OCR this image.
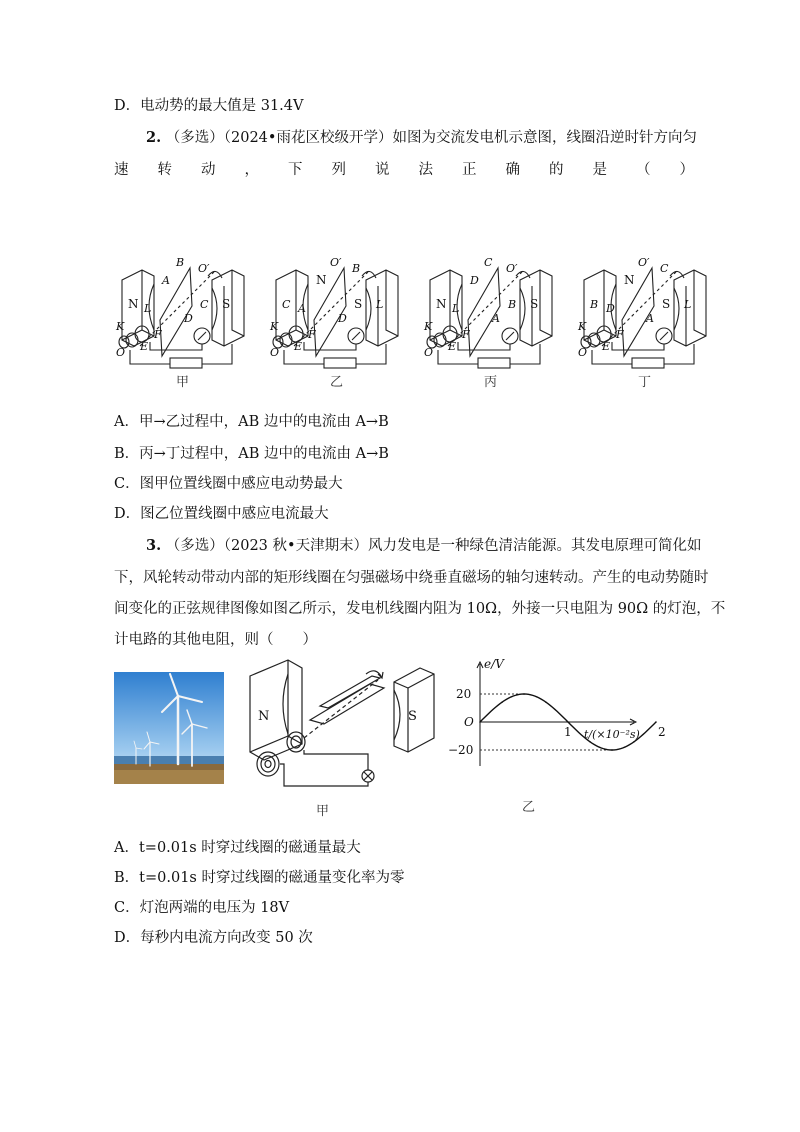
D．电动势的最大值是 31.4V
2. （多选）（2024•雨花区校级开学）如图为交流发电机示意图，线圈沿逆时针方向匀
速 转 动 ， 下 列 说 法 正 确 的 是 （ ）
B O′
A
N	C S
L
D
K
F
O E
甲
O′ B
N
C	S L
A
D
K
F
O E
乙
C O′
D
N	B S
L
A
K
F
O E
丙
O′ C
N
B	S L
D
A
K
F
O E
丁
A．甲→乙过程中，AB 边中的电流由 A→B
B．丙→丁过程中，AB 边中的电流由 A→B
C．图甲位置线圈中感应电动势最大
D．图乙位置线圈中感应电流最大
3. （多选）（2023 秋•天津期末）风力发电是一种绿色清洁能源。其发电原理可简化如
下，风轮转动带动内部的矩形线圈在匀强磁场中绕垂直磁场的轴匀速转动。产生的电动势随时
间变化的正弦规律图像如图乙所示，发电机线圈内阻为 10Ω，外接一只电阻为 90Ω 的灯泡，不
计电路的其他电阻，则（　　）
N	S
甲
e/V
20
−20
O
1	2
t/(×10⁻²s)
乙
A．t=0.01s 时穿过线圈的磁通量最大
B．t=0.01s 时穿过线圈的磁通量变化率为零
C．灯泡两端的电压为 18V
D．每秒内电流方向改变 50 次
